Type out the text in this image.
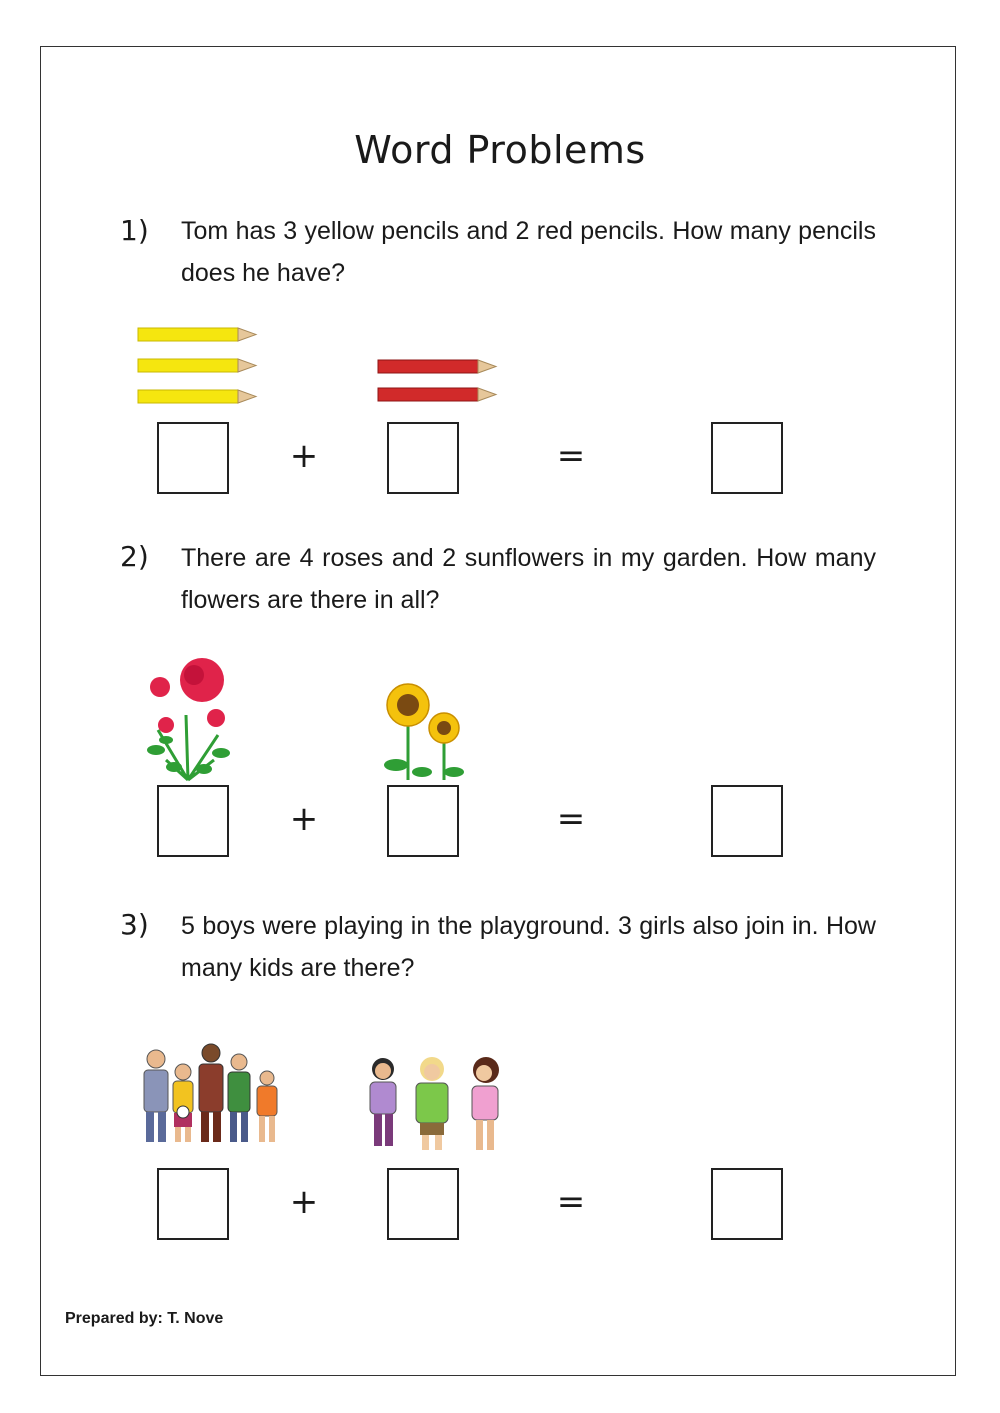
Word Problems
1) Tom has 3 yellow pencils and 2 red pencils. How many pencils does he have?
+	=
2) There are 4 roses and 2 sunflowers in my garden. How many flowers are there in all?
+	=
3) 5 boys were playing in the playground. 3 girls also join in. How many kids are there?
+	=
Prepared by: T. Nove
